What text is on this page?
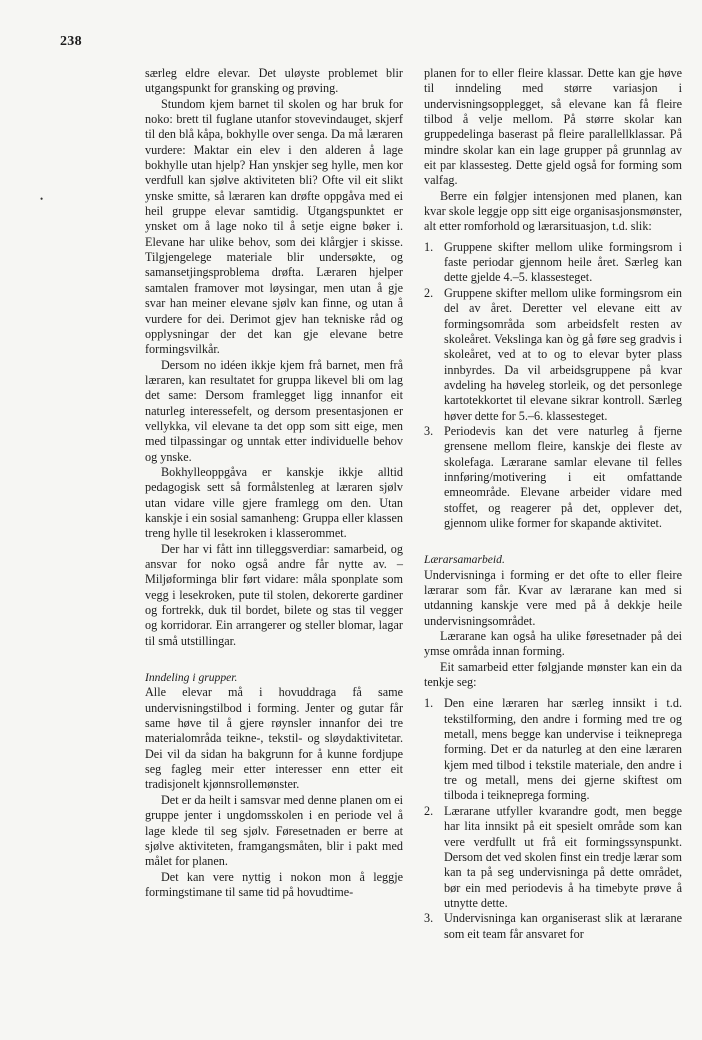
238
•

særleg eldre elevar. Det uløyste problemet blir utgangspunkt for gransking og prøving.

Stundom kjem barnet til skolen og har bruk for noko: brett til fuglane utanfor stovevindauget, skjerf til den blå kåpa, bokhylle over senga. Da må læraren vurdere: Maktar ein elev i den alderen å lage bokhylle utan hjelp? Han ynskjer seg hylle, men kor verdfull kan sjølve aktiviteten bli? Ofte vil eit slikt ynske smitte, så læraren kan drøfte oppgåva med ei heil gruppe elevar samtidig. Utgangspunktet er ynsket om å lage noko til å setje eigne bøker i. Elevane har ulike behov, som dei klårgjer i skisse. Tilgjengelege materiale blir undersøkte, og samansetjingsproblema drøfta. Læraren hjelper samtalen framover mot løysingar, men utan å gje svar han meiner elevane sjølv kan finne, og utan å vurdere for dei. Derimot gjev han tekniske råd og opplysningar der det kan gje elevane betre formingsvilkår.

Dersom no idéen ikkje kjem frå barnet, men frå læraren, kan resultatet for gruppa likevel bli om lag det same: Dersom framlegget ligg innanfor eit naturleg interessefelt, og dersom presentasjonen er vellykka, vil elevane ta det opp som sitt eige, men med tilpassingar og unntak etter individuelle behov og ynske.

Bokhylleoppgåva er kanskje ikkje alltid pedagogisk sett så formålstenleg at læraren sjølv utan vidare ville gjere framlegg om den. Utan kanskje i ein sosial samanheng: Gruppa eller klassen treng hylle til lesekroken i klasserommet.

Der har vi fått inn tilleggsverdiar: samarbeid, og ansvar for noko også andre får nytte av. – Miljøforminga blir ført vidare: måla sponplate som vegg i lesekroken, pute til stolen, dekorerte gardiner og fortrekk, duk til bordet, bilete og stas til vegger og korridorar. Ein arrangerer og steller blomar, lagar til små utstillingar.

Inndeling i grupper.

Alle elevar må i hovuddraga få same undervisningstilbod i forming. Jenter og gutar får same høve til å gjere røynsler innanfor dei tre materialområda teikne-, tekstil- og sløydaktivitetar. Dei vil da sidan ha bakgrunn for å kunne fordjupe seg fagleg meir etter interesser enn etter eit tradisjonelt kjønnsrollemønster.

Det er da heilt i samsvar med denne planen om ei gruppe jenter i ungdomsskolen i en periode vel å lage klede til seg sjølv. Føresetnaden er berre at sjølve aktiviteten, framgangsmåten, blir i pakt med målet for planen.

Det kan vere nyttig i nokon mon å leggje formingstimane til same tid på hovudtime-

planen for to eller fleire klassar. Dette kan gje høve til inndeling med større variasjon i undervisningsopplegget, så elevane kan få fleire tilbod å velje mellom. På større skolar kan gruppedelinga baserast på fleire parallellklassar. På mindre skolar kan ein lage grupper på grunnlag av eit par klassesteg. Dette gjeld også for forming som valfag.

Berre ein følgjer intensjonen med planen, kan kvar skole leggje opp sitt eige organisasjonsmønster, alt etter romforhold og lærarsituasjon, t.d. slik:

1. Gruppene skifter mellom ulike formingsrom i faste periodar gjennom heile året. Særleg kan dette gjelde 4.–5. klassesteget.
2. Gruppene skifter mellom ulike formingsrom ein del av året. Deretter vel elevane eitt av formingsområda som arbeidsfelt resten av skoleåret. Vekslinga kan òg gå føre seg gradvis i skoleåret, ved at to og to elevar byter plass innbyrdes. Da vil arbeidsgruppene på kvar avdeling ha høveleg storleik, og det personlege kartotekkortet til elevane sikrar kontroll. Særleg høver dette for 5.–6. klassesteget.
3. Periodevis kan det vere naturleg å fjerne grensene mellom fleire, kanskje dei fleste av skolefaga. Læraranе samlar elevane til felles innføring/motivering i eit omfattande emneområde. Elevane arbeider vidare med stoffet, og reagerer på det, opplever det, gjennom ulike former for skapande aktivitet.

Lærarsamarbeid.

Undervisninga i forming er det ofte to eller fleire lærarar som får. Kvar av lærarane kan med si utdanning kanskje vere med på å dekkje heile undervisningsområdet.

Lærarane kan også ha ulike føresetnader på dei ymse områda innan forming.

Eit samarbeid etter følgjande mønster kan ein da tenkje seg:

1. Den eine læraren har særleg innsikt i t.d. tekstilforming, den andre i forming med tre og metall, mens begge kan undervise i teiknepregа forming. Det er da naturleg at den eine læraren kjem med tilbod i tekstile materiale, den andre i tre og metall, mens dei gjerne skiftest om tilboda i teiknepregа forming.
2. Lærarane utfyller kvarandre godt, men begge har lita innsikt på eit spesielt område som kan vere verdfullt ut frå eit formingssynspunkt. Dersom det ved skolen finst ein tredje lærar som kan ta på seg undervisninga på dette området, bør ein med periodevis å ha timebyte prøve å utnytte dette.
3. Undervisninga kan organiserast slik at lærarane som eit team får ansvaret for
